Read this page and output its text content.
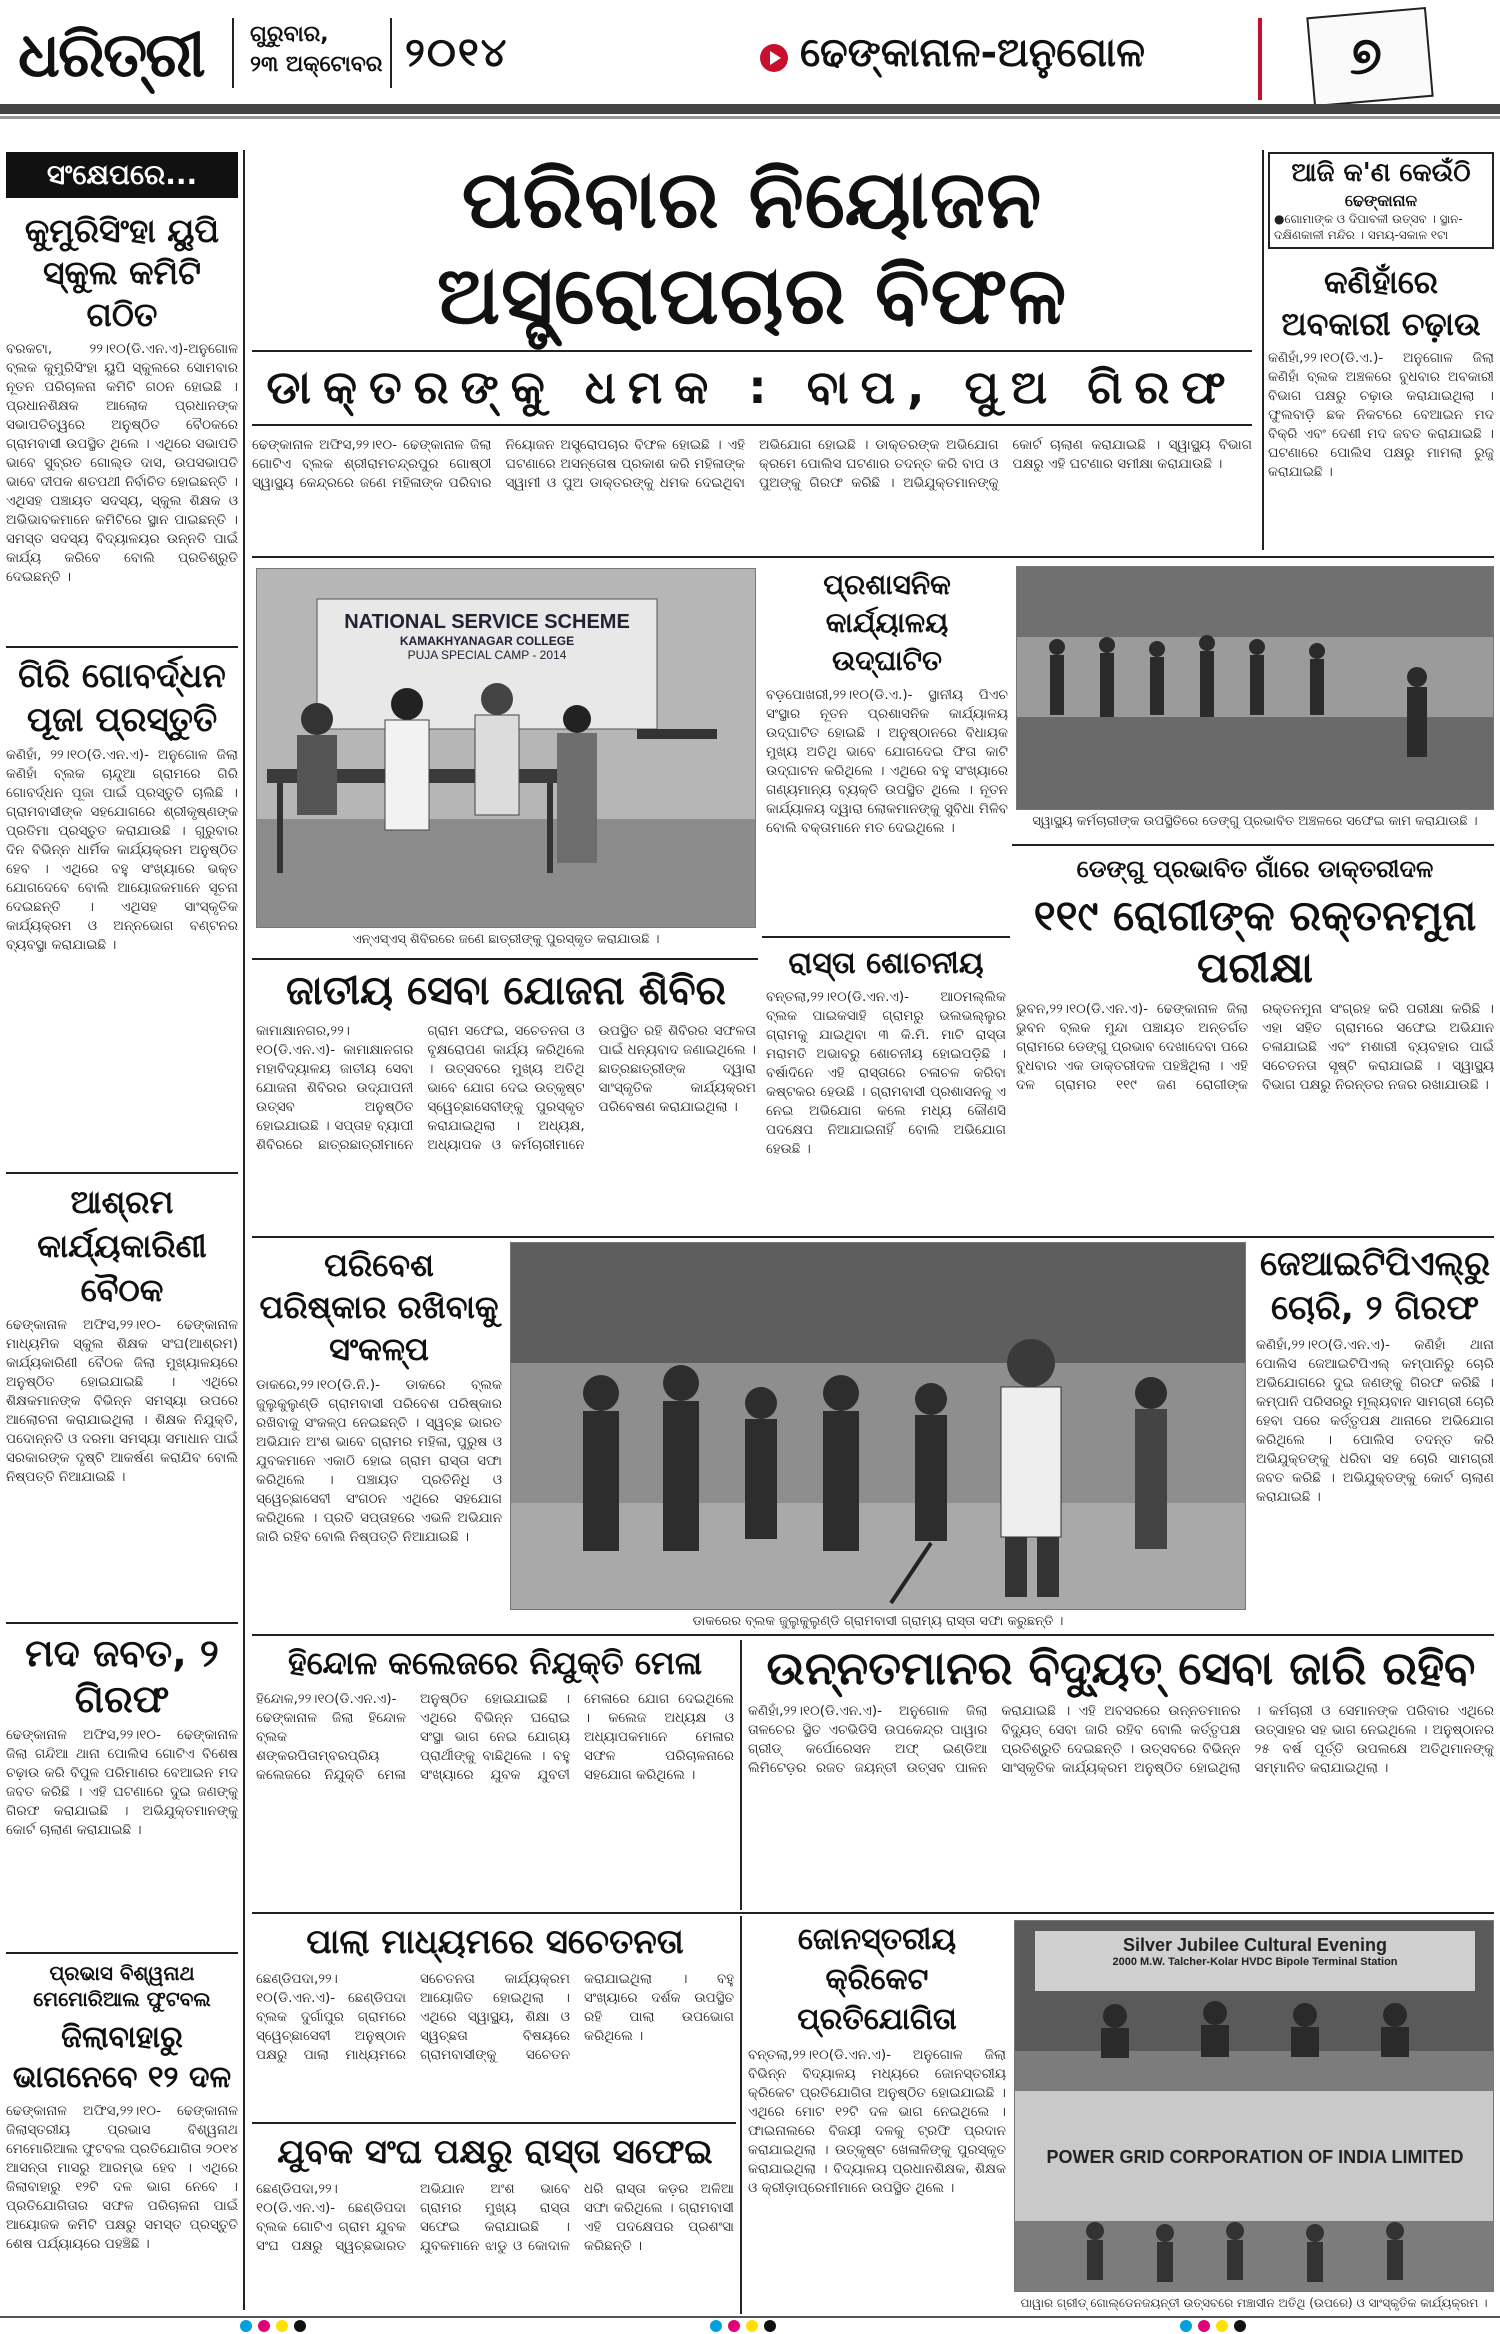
ଧରିତ୍ରୀ ଗୁରୁବାର,
୨୩ ଅକ୍ଟୋବର ୨୦୧୪	ଢେଙ୍କାନାଳ-ଅନୁଗୋଳ	୭
ସଂକ୍ଷେପରେ...
କୁମୁରିସିଂହା ୟୁପି ସ୍କୁଲ କମିଟି ଗଠିତ
ବରକଟା, ୨୨।୧୦(ଡି.ଏନ.ଏ)-ଅନୁଗୋଳ ବ୍ଲକ କୁମୁରିସିଂହା ୟୁପି ସ୍କୁଲରେ ସୋମବାର ନୂତନ ପରିଚାଳନା କମିଟି ଗଠନ ହୋଇଛି । ପ୍ରଧାନଶିକ୍ଷକ ଆଲୋକ ପ୍ରଧାନଙ୍କ ସଭାପତିତ୍ୱରେ ଅନୁଷ୍ଠିତ ବୈଠକରେ ଗ୍ରାମବାସୀ ଉପସ୍ଥିତ ଥିଲେ । ଏଥିରେ ସଭାପତି ଭାବେ ସୁବ୍ରତ ଗୋଲ୍ଡ ଦାସ, ଉପସଭାପତି ଭାବେ ଦୀପକ ଶତପଥୀ ନିର୍ବାଚିତ ହୋଇଛନ୍ତି । ଏଥିସହ ପଞ୍ଚାୟତ ସଦସ୍ୟ, ସ୍କୁଲ ଶିକ୍ଷକ ଓ ଅଭିଭାବକମାନେ କମିଟିରେ ସ୍ଥାନ ପାଇଛନ୍ତି । ସମସ୍ତ ସଦସ୍ୟ ବିଦ୍ୟାଳୟର ଉନ୍ନତି ପାଇଁ କାର୍ଯ୍ୟ କରିବେ ବୋଲି ପ୍ରତିଶ୍ରୁତି ଦେଇଛନ୍ତି ।
ଗିରି ଗୋବର୍ଦ୍ଧନ ପୂଜା ପ୍ରସ୍ତୁତି
କଣିହାଁ, ୨୨।୧୦(ଡି.ଏନ.ଏ)- ଅନୁଗୋଳ ଜିଲା କଣିହାଁ ବ୍ଲକ ଚାନ୍ଦୁଆ ଗ୍ରାମରେ ଗିରି ଗୋବର୍ଦ୍ଧନ ପୂଜା ପାଇଁ ପ୍ରସ୍ତୁତି ଚାଲିଛି । ଗ୍ରାମବାସୀଙ୍କ ସହଯୋଗରେ ଶ୍ରୀକୃଷ୍ଣଙ୍କ ପ୍ରତିମା ପ୍ରସ୍ତୁତ କରାଯାଉଛି । ଗୁରୁବାର ଦିନ ବିଭିନ୍ନ ଧାର୍ମିକ କାର୍ଯ୍ୟକ୍ରମ ଅନୁଷ୍ଠିତ ହେବ । ଏଥିରେ ବହୁ ସଂଖ୍ୟାରେ ଭକ୍ତ ଯୋଗଦେବେ ବୋଲି ଆୟୋଜକମାନେ ସୂଚନା ଦେଇଛନ୍ତି । ଏଥିସହ ସାଂସ୍କୃତିକ କାର୍ଯ୍ୟକ୍ରମ ଓ ଅନ୍ନଭୋଗ ବଣ୍ଟନର ବ୍ୟବସ୍ଥା କରାଯାଇଛି ।
ଆଶ୍ରମ କାର୍ଯ୍ୟକାରିଣୀ ବୈଠକ
ଢେଙ୍କାନାଳ ଅଫିସ,୨୨।୧୦- ଢେଙ୍କାନାଳ ମାଧ୍ୟମିକ ସ୍କୁଲ ଶିକ୍ଷକ ସଂଘ(ଆଶ୍ରମ) କାର୍ଯ୍ୟକାରିଣୀ ବୈଠକ ଜିଲା ମୁଖ୍ୟାଳୟରେ ଅନୁଷ୍ଠିତ ହୋଇଯାଇଛି । ଏଥିରେ ଶିକ୍ଷକମାନଙ୍କ ବିଭିନ୍ନ ସମସ୍ୟା ଉପରେ ଆଲୋଚନା କରାଯାଇଥିଲା । ଶିକ୍ଷକ ନିଯୁକ୍ତି, ପଦୋନ୍ନତି ଓ ଦରମା ସମସ୍ୟା ସମାଧାନ ପାଇଁ ସରକାରଙ୍କ ଦୃଷ୍ଟି ଆକର୍ଷଣ କରାଯିବ ବୋଲି ନିଷ୍ପତ୍ତି ନିଆଯାଇଛି ।
ମଦ ଜବତ, ୨ ଗିରଫ
ଢେଙ୍କାନାଳ ଅଫିସ,୨୨।୧୦- ଢେଙ୍କାନାଳ ଜିଲା ଗନ୍ଦିଆ ଥାନା ପୋଲିସ ଗୋଟିଏ ବିଶେଷ ଚଢ଼ାଉ କରି ବିପୁଳ ପରିମାଣର ବେଆଇନ ମଦ ଜବତ କରିଛି । ଏହି ଘଟଣାରେ ଦୁଇ ଜଣଙ୍କୁ ଗିରଫ କରାଯାଇଛି । ଅଭିଯୁକ୍ତମାନଙ୍କୁ କୋର୍ଟ ଚାଲାଣ କରାଯାଇଛି ।
ପ୍ରଭାସ ବିଶ୍ୱନାଥ ମେମୋରିଆଲ ଫୁଟବଲ
ଜିଲାବାହାରୁ ଭାଗନେବେ ୧୨ ଦଳ
ଢେଙ୍କାନାଳ ଅଫିସ,୨୨।୧୦- ଢେଙ୍କାନାଳ ଜିଲାସ୍ତରୀୟ ପ୍ରଭାସ ବିଶ୍ୱନାଥ ମେମୋରିଆଲ ଫୁଟବଲ ପ୍ରତିଯୋଗିତା ୨୦୧୪ ଆସନ୍ତା ମାସରୁ ଆରମ୍ଭ ହେବ । ଏଥିରେ ଜିଲାବାହାରୁ ୧୨ଟି ଦଳ ଭାଗ ନେବେ । ପ୍ରତିଯୋଗିତାର ସଫଳ ପରିଚାଳନା ପାଇଁ ଆୟୋଜକ କମିଟି ପକ୍ଷରୁ ସମସ୍ତ ପ୍ରସ୍ତୁତି ଶେଷ ପର୍ଯ୍ୟାୟରେ ପହଞ୍ଚିଛି ।
ପରିବାର ନିୟୋଜନ ଅସ୍ତ୍ରୋପଚାର ବିଫଳ
ଡାକ୍ତରଙ୍କୁ ଧମକ : ବାପ, ପୁଅ ଗିରଫ
ଢେଙ୍କାନାଳ ଅଫିସ,୨୨।୧୦- ଢେଙ୍କାନାଳ ଜିଲା ଗୋଟିଏ ବ୍ଲକ ଶ୍ରୀରାମଚନ୍ଦ୍ରପୁର ଗୋଷ୍ଠୀ ସ୍ୱାସ୍ଥ୍ୟ କେନ୍ଦ୍ରରେ ଜଣେ ମହିଳାଙ୍କ ପରିବାର ନିୟୋଜନ ଅସ୍ତ୍ରୋପଚାର ବିଫଳ ହୋଇଛି । ଏହି ଘଟଣାରେ ଅସନ୍ତୋଷ ପ୍ରକାଶ କରି ମହିଳାଙ୍କ ସ୍ୱାମୀ ଓ ପୁଅ ଡାକ୍ତରଙ୍କୁ ଧମକ ଦେଇଥିବା ଅଭିଯୋଗ ହୋଇଛି । ଡାକ୍ତରଙ୍କ ଅଭିଯୋଗ କ୍ରମେ ପୋଲିସ ଘଟଣାର ତଦନ୍ତ କରି ବାପ ଓ ପୁଅଙ୍କୁ ଗିରଫ କରିଛି । ଅଭିଯୁକ୍ତମାନଙ୍କୁ କୋର୍ଟ ଚାଲାଣ କରାଯାଇଛି । ସ୍ୱାସ୍ଥ୍ୟ ବିଭାଗ ପକ୍ଷରୁ ଏହି ଘଟଣାର ସମୀକ୍ଷା କରାଯାଉଛି ।
ଆଜି କ'ଣ କେଉଁଠି
ଢେଙ୍କାନାଳ
●ଗୋମାଙ୍କ ଓ ଦିପାବଳୀ ଉତ୍ସବ । ସ୍ଥାନ- ଦକ୍ଷିଣକାଳୀ ମନ୍ଦିର । ସମୟ-ସକାଳ ୧ଟା
କଣିହାଁରେ ଅବକାରୀ ଚଢ଼ାଉ
କଣିହାଁ,୨୨।୧୦(ଡି.ଏ.)- ଅନୁଗୋଳ ଜିଲା କଣିହାଁ ବ୍ଲକ ଅଞ୍ଚଳରେ ବୁଧବାର ଅବକାରୀ ବିଭାଗ ପକ୍ଷରୁ ଚଢ଼ାଉ କରାଯାଇଥିଲା । ଫୁଲବାଡ଼ି ଛକ ନିକଟରେ ବେଆଇନ ମଦ ବିକ୍ରି ଏବଂ ଦେଶୀ ମଦ ଜବତ କରାଯାଇଛି । ଘଟଣାରେ ପୋଲିସ ପକ୍ଷରୁ ମାମଲା ରୁଜୁ କରାଯାଇଛି ।
NATIONAL SERVICE SCHEME
KAMAKHYANAGAR COLLEGE
PUJA SPECIAL CAMP - 2014
ଏନ୍‌ଏସ୍‌ଏସ୍ ଶିବିରରେ ଜଣେ ଛାତ୍ରୀଙ୍କୁ ପୁରସ୍କୃତ କରାଯାଉଛି ।
ପ୍ରଶାସନିକ କାର୍ଯ୍ୟାଳୟ ଉଦ୍‌ଘାଟିତ
ବଡ଼ପୋଖରୀ,୨୨।୧୦(ଡି.ଏ.)- ସ୍ଥାନୀୟ ପିଏଚ ସଂସ୍ଥାର ନୂତନ ପ୍ରଶାସନିକ କାର୍ଯ୍ୟାଳୟ ଉଦ୍‌ଘାଟିତ ହୋଇଛି । ଅନୁଷ୍ଠାନରେ ବିଧାୟକ ମୁଖ୍ୟ ଅତିଥି ଭାବେ ଯୋଗଦେଇ ଫିତା କାଟି ଉଦ୍‌ଘାଟନ କରିଥିଲେ । ଏଥିରେ ବହୁ ସଂଖ୍ୟାରେ ଗଣ୍ୟମାନ୍ୟ ବ୍ୟକ୍ତି ଉପସ୍ଥିତ ଥିଲେ । ନୂତନ କାର୍ଯ୍ୟାଳୟ ଦ୍ୱାରା ଲୋକମାନଙ୍କୁ ସୁବିଧା ମିଳିବ ବୋଲି ବକ୍ତାମାନେ ମତ ଦେଇଥିଲେ ।	ସ୍ୱାସ୍ଥ୍ୟ କର୍ମଚାରୀଙ୍କ ଉପସ୍ଥିତିରେ ଡେଙ୍ଗୁ ପ୍ରଭାବିତ ଅଞ୍ଚଳରେ ସଫେଇ କାମ କରାଯାଉଛି ।
ରାସ୍ତା ଶୋଚନୀୟ
ବନ୍ତଲା,୨୨।୧୦(ଡି.ଏନ.ଏ)- ଆଠମଲ୍ଲିକ ବ୍ଲକ ପାଇକସାହି ଗ୍ରାମରୁ ଭଲଭଲ୍ଲୁର ଗ୍ରାମକୁ ଯାଇଥିବା ୩ କି.ମି. ମାଟି ରାସ୍ତା ମରାମତି ଅଭାବରୁ ଶୋଚନୀୟ ହୋଇପଡ଼ିଛି । ବର୍ଷାଦିନେ ଏହି ରାସ୍ତାରେ ଚଳାଚଳ କରିବା କଷ୍ଟକର ହେଉଛି । ଗ୍ରାମବାସୀ ପ୍ରଶାସନକୁ ଏ ନେଇ ଅଭିଯୋଗ କଲେ ମଧ୍ୟ କୌଣସି ପଦକ୍ଷେପ ନିଆଯାଇନାହିଁ ବୋଲି ଅଭିଯୋଗ ହେଉଛି ।
ଡେଙ୍ଗୁ ପ୍ରଭାବିତ ଗାଁରେ ଡାକ୍ତରୀଦଳ
୧୧୯ ରୋଗୀଙ୍କ ରକ୍ତନମୁନା ପରୀକ୍ଷା
ଭୁବନ,୨୨।୧୦(ଡି.ଏନ.ଏ)- ଢେଙ୍କାନାଳ ଜିଲା ଭୁବନ ବ୍ଲକ ମୁନ୍ଦା ପଞ୍ଚାୟତ ଅନ୍ତର୍ଗତ ଗ୍ରାମରେ ଡେଙ୍ଗୁ ପ୍ରଭାବ ଦେଖାଦେବା ପରେ ବୁଧବାର ଏକ ଡାକ୍ତରୀଦଳ ପହଞ୍ଚିଥିଲା । ଏହି ଦଳ ଗ୍ରାମର ୧୧୯ ଜଣ ରୋଗୀଙ୍କ ରକ୍ତନମୁନା ସଂଗ୍ରହ କରି ପରୀକ୍ଷା କରିଛି । ଏହା ସହିତ ଗ୍ରାମରେ ସଫେଇ ଅଭିଯାନ ଚଳାଯାଇଛି ଏବଂ ମଶାରୀ ବ୍ୟବହାର ପାଇଁ ସଚେତନତା ସୃଷ୍ଟି କରାଯାଇଛି । ସ୍ୱାସ୍ଥ୍ୟ ବିଭାଗ ପକ୍ଷରୁ ନିରନ୍ତର ନଜର ରଖାଯାଉଛି ।
ଜାତୀୟ ସେବା ଯୋଜନା ଶିବିର
କାମାକ୍ଷାନଗର,୨୨।୧୦(ଡି.ଏନ.ଏ)- କାମାକ୍ଷାନଗର ମହାବିଦ୍ୟାଳୟ ଜାତୀୟ ସେବା ଯୋଜନା ଶିବିରର ଉଦ୍‌ଯାପନୀ ଉତ୍ସବ ଅନୁଷ୍ଠିତ ହୋଇଯାଇଛି । ସପ୍ତାହ ବ୍ୟାପୀ ଶିବିରରେ ଛାତ୍ରଛାତ୍ରୀମାନେ ଗ୍ରାମ ସଫେଇ, ସଚେତନତା ଓ ବୃକ୍ଷରୋପଣ କାର୍ଯ୍ୟ କରିଥିଲେ । ଉତ୍ସବରେ ମୁଖ୍ୟ ଅତିଥି ଭାବେ ଯୋଗ ଦେଇ ଉତ୍କୃଷ୍ଟ ସ୍ୱେଚ୍ଛାସେବୀଙ୍କୁ ପୁରସ୍କୃତ କରାଯାଇଥିଲା । ଅଧ୍ୟକ୍ଷ, ଅଧ୍ୟାପକ ଓ କର୍ମଚାରୀମାନେ ଉପସ୍ଥିତ ରହି ଶିବିରର ସଫଳତା ପାଇଁ ଧନ୍ୟବାଦ ଜଣାଇଥିଲେ । ଛାତ୍ରଛାତ୍ରୀଙ୍କ ଦ୍ୱାରା ସାଂସ୍କୃତିକ କାର୍ଯ୍ୟକ୍ରମ ପରିବେଷଣ କରାଯାଇଥିଲା ।
ପରିବେଶ ପରିଷ୍କାର ରଖିବାକୁ ସଂକଳ୍ପ
ଡାକରେ,୨୨।୧୦(ଡି.ନି.)- ଡାକରେ ବ୍ଲକ ଜୁଲୁକୁଲୁଣ୍ଡି ଗ୍ରାମବାସୀ ପରିବେଶ ପରିଷ୍କାର ରଖିବାକୁ ସଂକଳ୍ପ ନେଇଛନ୍ତି । ସ୍ୱଚ୍ଛ ଭାରତ ଅଭିଯାନ ଅଂଶ ଭାବେ ଗ୍ରାମର ମହିଳା, ପୁରୁଷ ଓ ଯୁବକମାନେ ଏକାଠି ହୋଇ ଗ୍ରାମ ରାସ୍ତା ସଫା କରିଥିଲେ । ପଞ୍ଚାୟତ ପ୍ରତିନିଧି ଓ ସ୍ୱେଚ୍ଛାସେବୀ ସଂଗଠନ ଏଥିରେ ସହଯୋଗ କରିଥିଲେ । ପ୍ରତି ସପ୍ତାହରେ ଏଭଳି ଅଭିଯାନ ଜାରି ରହିବ ବୋଲି ନିଷ୍ପତ୍ତି ନିଆଯାଇଛି ।
ଡାକରେର ବ୍ଲକ ଜୁଲୁକୁଲୁଣ୍ଡି ଗ୍ରାମବାସୀ ଗ୍ରାମ୍ୟ ରାସ୍ତା ସଫା କରୁଛନ୍ତି ।
ଜେଆଇଟିପିଏଲ୍‌ରୁ ଚୋରି, ୨ ଗିରଫ
କଣିହାଁ,୨୨।୧୦(ଡି.ଏନ.ଏ)- କଣିହାଁ ଥାନା ପୋଲିସ ଜେଆଇଟିପିଏଲ୍ କମ୍ପାନିରୁ ଚୋରି ଅଭିଯୋଗରେ ଦୁଇ ଜଣଙ୍କୁ ଗିରଫ କରିଛି । କମ୍ପାନି ପରିସରରୁ ମୂଲ୍ୟବାନ ସାମଗ୍ରୀ ଚୋରି ହେବା ପରେ କର୍ତ୍ତୃପକ୍ଷ ଥାନାରେ ଅଭିଯୋଗ କରିଥିଲେ । ପୋଲିସ ତଦନ୍ତ କରି ଅଭିଯୁକ୍ତଙ୍କୁ ଧରିବା ସହ ଚୋରି ସାମଗ୍ରୀ ଜବତ କରିଛି । ଅଭିଯୁକ୍ତଙ୍କୁ କୋର୍ଟ ଚାଲାଣ କରାଯାଇଛି ।
ହିନ୍ଦୋଳ କଲେଜରେ ନିଯୁକ୍ତି ମେଳା
ହିନ୍ଦୋଳ,୨୨।୧୦(ଡି.ଏନ.ଏ)- ଢେଙ୍କାନାଳ ଜିଲା ହିନ୍ଦୋଳ ବ୍ଲକ ଶଙ୍କରପିତାମ୍ବରପ୍ରିୟ କଲେଜରେ ନିଯୁକ୍ତି ମେଳା ଅନୁଷ୍ଠିତ ହୋଇଯାଇଛି । ଏଥିରେ ବିଭିନ୍ନ ଘରୋଇ ସଂସ୍ଥା ଭାଗ ନେଇ ଯୋଗ୍ୟ ପ୍ରାର୍ଥୀଙ୍କୁ ବାଛିଥିଲେ । ବହୁ ସଂଖ୍ୟାରେ ଯୁବକ ଯୁବତୀ ମେଳାରେ ଯୋଗ ଦେଇଥିଲେ । କଲେଜ ଅଧ୍ୟକ୍ଷ ଓ ଅଧ୍ୟାପକମାନେ ମେଳାର ସଫଳ ପରିଚାଳନାରେ ସହଯୋଗ କରିଥିଲେ ।
ଉନ୍ନତମାନର ବିଦ୍ୟୁତ୍ ସେବା ଜାରି ରହିବ
କଣିହାଁ,୨୨।୧୦(ଡି.ଏନ.ଏ)- ଅନୁଗୋଳ ଜିଲା ତାଳଚେର ସ୍ଥିତ ଏଚଭିଡିସି ଉପକେନ୍ଦ୍ର ପାୱାର ଗ୍ରୀଡ୍ କର୍ପୋରେସନ ଅଫ୍ ଇଣ୍ଡିଆ ଲିମିଟେଡ଼ର ରଜତ ଜୟନ୍ତୀ ଉତ୍ସବ ପାଳନ କରାଯାଇଛି । ଏହି ଅବସରରେ ଉନ୍ନତମାନର ବିଦ୍ୟୁତ୍ ସେବା ଜାରି ରହିବ ବୋଲି କର୍ତ୍ତୃପକ୍ଷ ପ୍ରତିଶ୍ରୁତି ଦେଇଛନ୍ତି । ଉତ୍ସବରେ ବିଭିନ୍ନ ସାଂସ୍କୃତିକ କାର୍ଯ୍ୟକ୍ରମ ଅନୁଷ୍ଠିତ ହୋଇଥିଲା । କର୍ମଚାରୀ ଓ ସେମାନଙ୍କ ପରିବାର ଏଥିରେ ଉତ୍ସାହର ସହ ଭାଗ ନେଇଥିଲେ । ଅନୁଷ୍ଠାନର ୨୫ ବର୍ଷ ପୂର୍ତ୍ତି ଉପଲକ୍ଷେ ଅତିଥିମାନଙ୍କୁ ସମ୍ମାନିତ କରାଯାଇଥିଲା ।
ପାଲା ମାଧ୍ୟମରେ ସଚେତନତା
ଛେଣ୍ଡିପଦା,୨୨।୧୦(ଡି.ଏନ.ଏ)- ଛେଣ୍ଡିପଦା ବ୍ଲକ ଦୁର୍ଗାପୁର ଗ୍ରାମରେ ସ୍ୱେଚ୍ଛାସେବୀ ଅନୁଷ୍ଠାନ ପକ୍ଷରୁ ପାଲା ମାଧ୍ୟମରେ ସଚେତନତା କାର୍ଯ୍ୟକ୍ରମ ଆୟୋଜିତ ହୋଇଥିଲା । ଏଥିରେ ସ୍ୱାସ୍ଥ୍ୟ, ଶିକ୍ଷା ଓ ସ୍ୱଚ୍ଛତା ବିଷୟରେ ଗ୍ରାମବାସୀଙ୍କୁ ସଚେତନ କରାଯାଇଥିଲା । ବହୁ ସଂଖ୍ୟାରେ ଦର୍ଶକ ଉପସ୍ଥିତ ରହି ପାଲା ଉପଭୋଗ କରିଥିଲେ ।
ଯୁବକ ସଂଘ ପକ୍ଷରୁ ରାସ୍ତା ସଫେଇ
ଛେଣ୍ଡିପଦା,୨୨।୧୦(ଡି.ଏନ.ଏ)- ଛେଣ୍ଡିପଦା ବ୍ଲକ ଗୋଟିଏ ଗ୍ରାମ ଯୁବକ ସଂଘ ପକ୍ଷରୁ ସ୍ୱଚ୍ଛଭାରତ ଅଭିଯାନ ଅଂଶ ଭାବେ ଗ୍ରାମର ମୁଖ୍ୟ ରାସ୍ତା ସଫେଇ କରାଯାଇଛି । ଯୁବକମାନେ ଝାଡୁ ଓ କୋଦାଳ ଧରି ରାସ୍ତା କଡ଼ର ଅଳିଆ ସଫା କରିଥିଲେ । ଗ୍ରାମବାସୀ ଏହି ପଦକ୍ଷେପର ପ୍ରଶଂସା କରିଛନ୍ତି ।
ଜୋନସ୍ତରୀୟ କ୍ରିକେଟ ପ୍ରତିଯୋଗିତା
ବନ୍ତଲା,୨୨।୧୦(ଡି.ଏନ.ଏ)- ଅନୁଗୋଳ ଜିଲା ବିଭିନ୍ନ ବିଦ୍ୟାଳୟ ମଧ୍ୟରେ ଜୋନସ୍ତରୀୟ କ୍ରିକେଟ ପ୍ରତିଯୋଗିତା ଅନୁଷ୍ଠିତ ହୋଇଯାଇଛି । ଏଥିରେ ମୋଟ ୧୨ଟି ଦଳ ଭାଗ ନେଇଥିଲେ । ଫାଇନାଲରେ ବିଜୟୀ ଦଳକୁ ଟ୍ରଫି ପ୍ରଦାନ କରାଯାଇଥିଲା । ଉତ୍କୃଷ୍ଟ ଖେଳାଳିଙ୍କୁ ପୁରସ୍କୃତ କରାଯାଇଥିଲା । ବିଦ୍ୟାଳୟ ପ୍ରଧାନଶିକ୍ଷକ, ଶିକ୍ଷକ ଓ କ୍ରୀଡ଼ାପ୍ରେମୀମାନେ ଉପସ୍ଥିତ ଥିଲେ ।
Silver Jubilee Cultural Evening
2000 M.W. Talcher-Kolar HVDC Bipole Terminal Station
POWER GRID CORPORATION OF INDIA LIMITED
ପାୱାର ଗ୍ରୀଡ୍ ଗୋଲ୍‌ଡେନଜୟନ୍ତୀ ଉତ୍ସବରେ ମଞ୍ଚାସୀନ ଅତିଥି (ଉପରେ) ଓ ସାଂସ୍କୃତିକ କାର୍ଯ୍ୟକ୍ରମ ।
